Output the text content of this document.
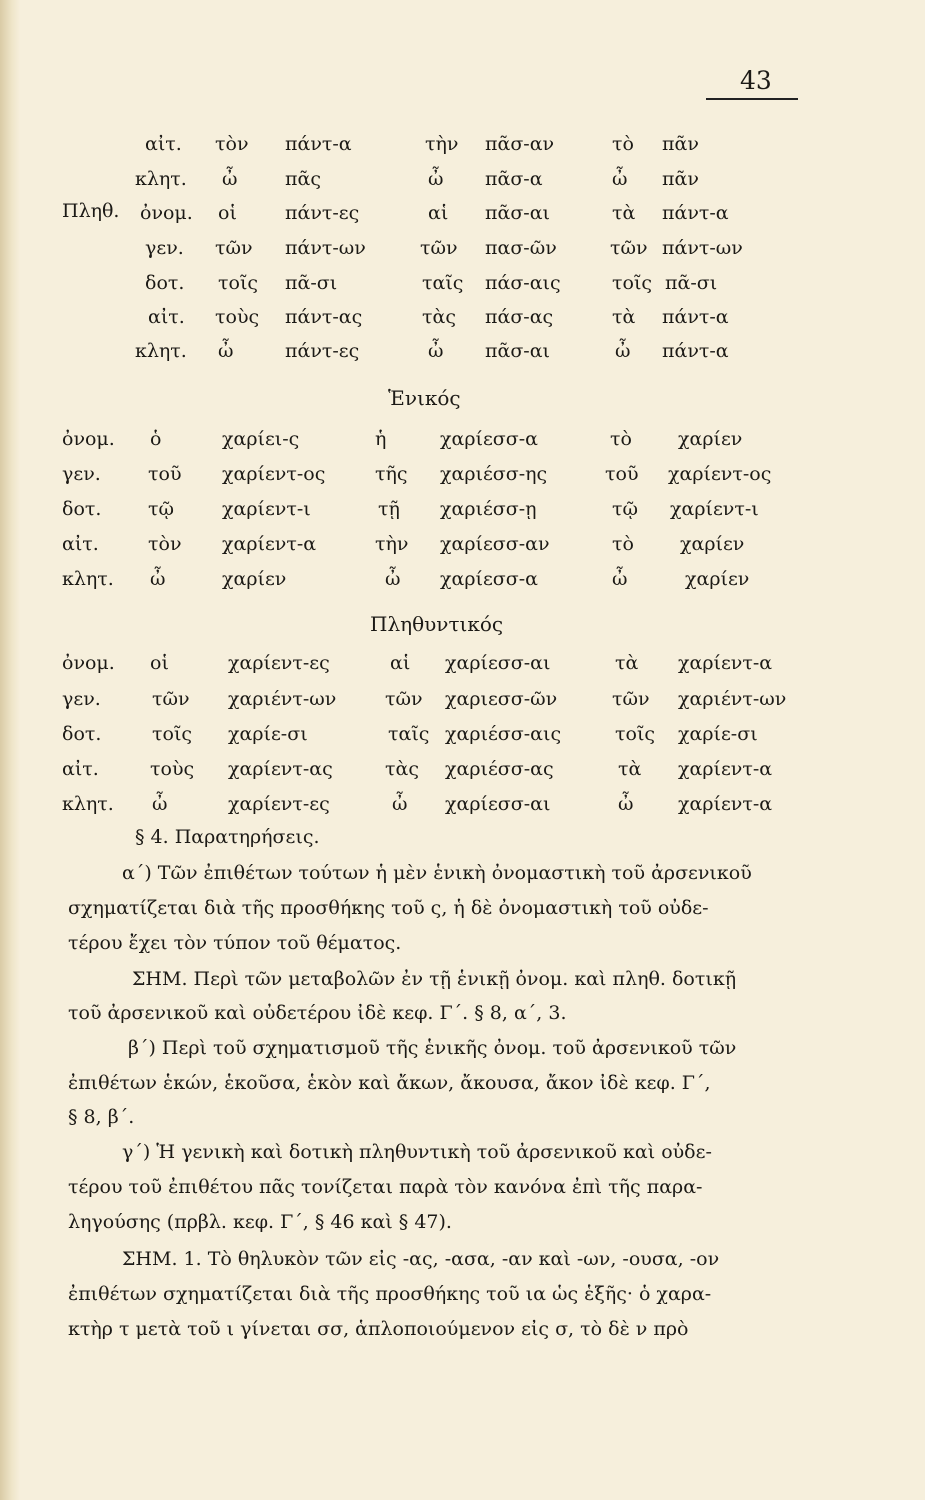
43
Πληθ.
αἰτ. τὸν πάντ-α	τὴν πᾶσ-αν	τὸ πᾶν
κλητ. ὦ	πᾶς	ὦ πᾶσ-α	ὦ πᾶν
ὀνομ. οἱ	πάντ-ες	αἱ πᾶσ-αι	τὰ πάντ-α
γεν. τῶν πάντ-ων	τῶν πασ-ῶν	τῶν πάντ-ων
δοτ. τοῖς πᾶ-σι	ταῖς πάσ-αις	τοῖς πᾶ-σι
αἰτ. τοὺς πάντ-ας	τὰς πάσ-ας	τὰ πάντ-α
κλητ. ὦ	πάντ-ες	ὦ πᾶσ-αι	ὦ πάντ-α
Ἑνικός
ὀνομ. ὁ	χαρίει-ς	ἡ	χαρίεσσ-α	τὸ χαρίεν
γεν. τοῦ χαρίεντ-ος	τῆς χαριέσσ-ης	τοῦ χαρίεντ-ος
δοτ. τῷ	χαρίεντ-ι	τῇ χαριέσσ-ῃ	τῷ χαρίεντ-ι
αἰτ.	τὸν χαρίεντ-α	τὴν χαρίεσσ-αν	τὸ χαρίεν
κλητ. ὦ	χαρίεν	ὦ χαρίεσσ-α	ὦ	χαρίεν
Πληθυντικός
ὀνομ. οἱ	χαρίεντ-ες	αἱ χαρίεσσ-αι	τὰ χαρίεντ-α
γεν.	τῶν χαριέντ-ων	τῶν χαριεσσ-ῶν	τῶν χαριέντ-ων
δοτ.	τοῖς χαρίε-σι	ταῖς χαριέσσ-αις	τοῖς χαρίε-σι
αἰτ.	τοὺς χαρίεντ-ας	τὰς χαριέσσ-ας	τὰ χαρίεντ-α
κλητ. ὦ	χαρίεντ-ες	ὦ χαρίεσσ-αι	ὦ χαρίεντ-α
§ 4. Παρατηρήσεις.
α΄) Τῶν ἐπιθέτων τούτων ἡ μὲν ἑνικὴ ὀνομαστικὴ τοῦ ἀρσενικοῦ
σχηματίζεται διὰ τῆς προσθήκης τοῦ ς, ἡ δὲ ὀνομαστικὴ τοῦ οὐδε-
τέρου ἔχει τὸν τύπον τοῦ θέματος.
ΣΗΜ. Περὶ τῶν μεταβολῶν ἐν τῇ ἑνικῇ ὀνομ. καὶ πληθ. δοτικῇ
τοῦ ἀρσενικοῦ καὶ οὐδετέρου ἰδὲ κεφ. Γ΄. § 8, α΄, 3.
β΄) Περὶ τοῦ σχηματισμοῦ τῆς ἑνικῆς ὀνομ. τοῦ ἀρσενικοῦ τῶν
ἐπιθέτων ἑκών, ἑκοῦσα, ἑκὸν καὶ ἄκων, ἄκουσα, ἄκον ἰδὲ κεφ. Γ΄,
§ 8, β΄.
γ΄) Ἡ γενικὴ καὶ δοτικὴ πληθυντικὴ τοῦ ἀρσενικοῦ καὶ οὐδε-
τέρου τοῦ ἐπιθέτου πᾶς τονίζεται παρὰ τὸν κανόνα ἐπὶ τῆς παρα-
ληγούσης (πρβλ. κεφ. Γ΄, § 46 καὶ § 47).
ΣΗΜ. 1. Τὸ θηλυκὸν τῶν εἰς -ας, -ασα, -αν καὶ -ων, -ουσα, -ον
ἐπιθέτων σχηματίζεται διὰ τῆς προσθήκης τοῦ ια ὡς ἑξῆς· ὁ χαρα-
κτὴρ τ μετὰ τοῦ ι γίνεται σσ, ἁπλοποιούμενον εἰς σ, τὸ δὲ ν πρὸ
